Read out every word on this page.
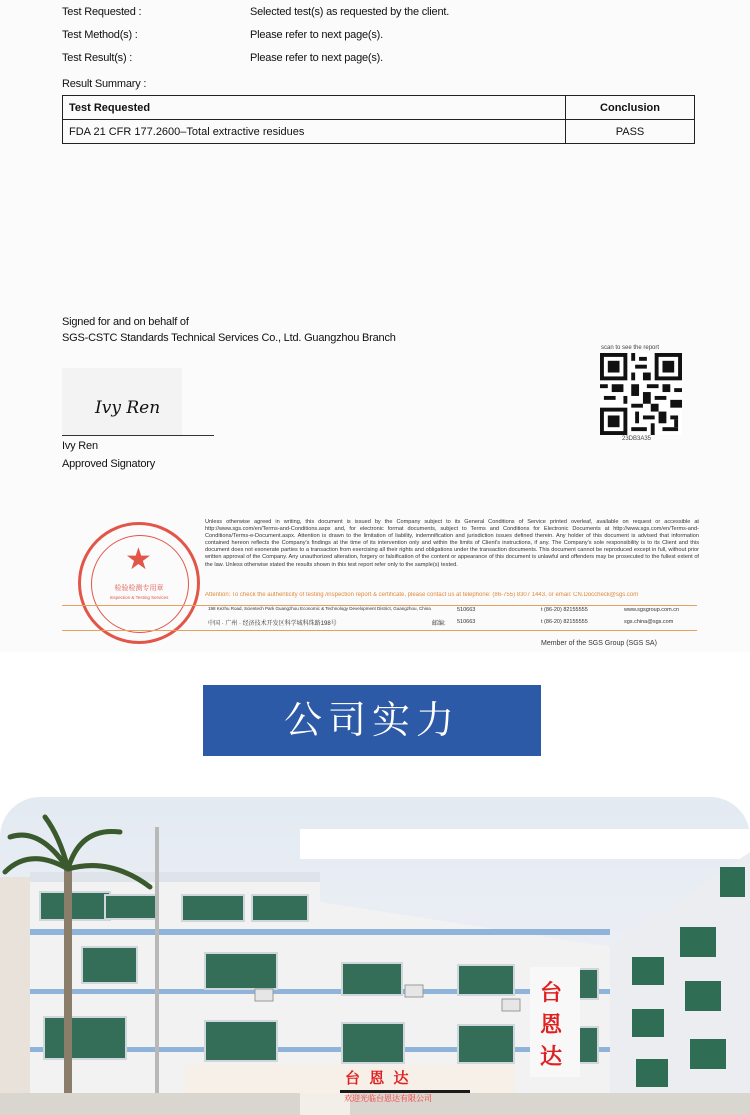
Test Requested :	Selected test(s) as requested by the client.
Test Method(s) :	Please refer to next page(s).
Test Result(s) :	Please refer to next page(s).
Result Summary :
Test Requested	Conclusion
FDA 21 CFR 177.2600–Total extractive residues	PASS
Signed for and on behalf of
SGS-CSTC Standards Technical Services Co., Ltd. Guangzhou Branch
Ivy Ren
Ivy Ren
Approved Signatory
scan to see the report
23DB3A35
★
检验检测专用章
Inspection & Testing Services
Unless otherwise agreed in writing, this document is issued by the Company subject to its General Conditions of Service printed overleaf, available on request or accessible at http://www.sgs.com/en/Terms-and-Conditions.aspx and, for electronic format documents, subject to Terms and Conditions for Electronic Documents at http://www.sgs.com/en/Terms-and-Conditions/Terms-e-Document.aspx. Attention is drawn to the limitation of liability, indemnification and jurisdiction issues defined therein. Any holder of this document is advised that information contained hereon reflects the Company's findings at the time of its intervention only and within the limits of Client's instructions, if any. The Company's sole responsibility is to its Client and this document does not exonerate parties to a transaction from exercising all their rights and obligations under the transaction documents. This document cannot be reproduced except in full, without prior written approval of the Company. Any unauthorized alteration, forgery or falsification of the content or appearance of this document is unlawful and offenders may be prosecuted to the fullest extent of the law. Unless otherwise stated the results shown in this test report refer only to the sample(s) tested.
Attention: To check the authenticity of testing /inspection report & certificate, please contact us at telephone: (86-755) 8307 1443, or email: CN.Doccheck@sgs.com
198 Kezhu Road, Scientech Park Guangzhou Economic & Technology Development District, Guangzhou, China	510663	t (86-20) 82155555	www.sgsgroup.com.cn
中国 · 广州 · 经济技术开发区科学城科珠路198号	邮编: 510663	t (86-20) 82155555	sgs.china@sgs.com
Member of the SGS Group (SGS SA)
公司实力
台
恩
达
台 恩 达
欢迎光临台恩达有限公司
